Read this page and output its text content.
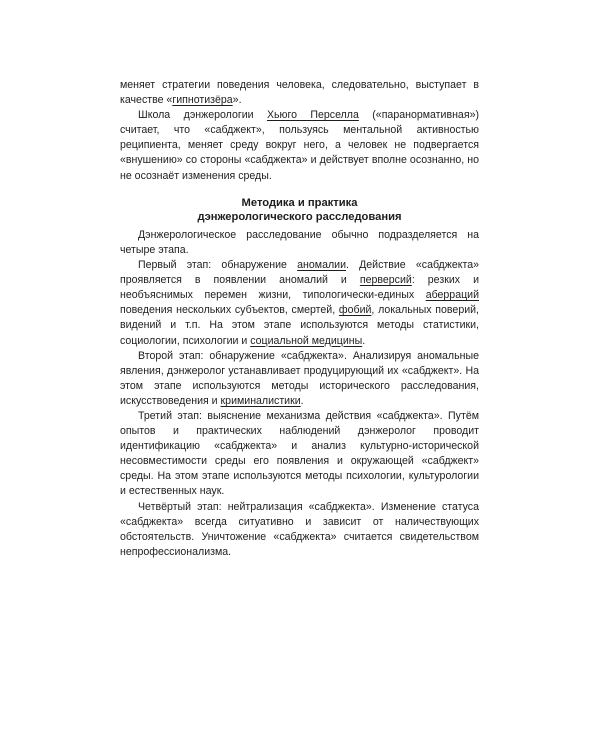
меняет стратегии поведения человека, следовательно, выступает в качестве «гипнотизёра».

Школа дэнжерологии Хьюго Перселла («паранормативная») считает, что «сабджект», пользуясь ментальной активностью реципиента, меняет среду вокруг него, а человек не подвергается «внушению» со стороны «сабджекта» и действует вполне осознанно, но не осознаёт изменения среды.

Методика и практика
дэнжерологического расследования

Дэнжерологическое расследование обычно подразделяется на четыре этапа.

Первый этап: обнаружение аномалии. Действие «сабджекта» проявляется в появлении аномалий и перверсий: резких и необъяснимых перемен жизни, типологически-единых аберраций поведения нескольких субъектов, смертей, фобий, локальных поверий, видений и т.п. На этом этапе используются методы статистики, социологии, психологии и социальной медицины.

Второй этап: обнаружение «сабджекта». Анализируя аномальные явления, дэнжеролог устанавливает продуцирующий их «сабджект». На этом этапе используются методы исторического расследования, искусствоведения и криминалистики.

Третий этап: выяснение механизма действия «сабджекта». Путём опытов и практических наблюдений дэнжеролог проводит идентификацию «сабджекта» и анализ культурно-исторической несовместимости среды его появления и окружающей «сабджект» среды. На этом этапе используются методы психологии, культурологии и естественных наук.

Четвёртый этап: нейтрализация «сабджекта». Изменение статуса «сабджекта» всегда ситуативно и зависит от наличествующих обстоятельств. Уничтожение «сабджекта» считается свидетельством непрофессионализма.
